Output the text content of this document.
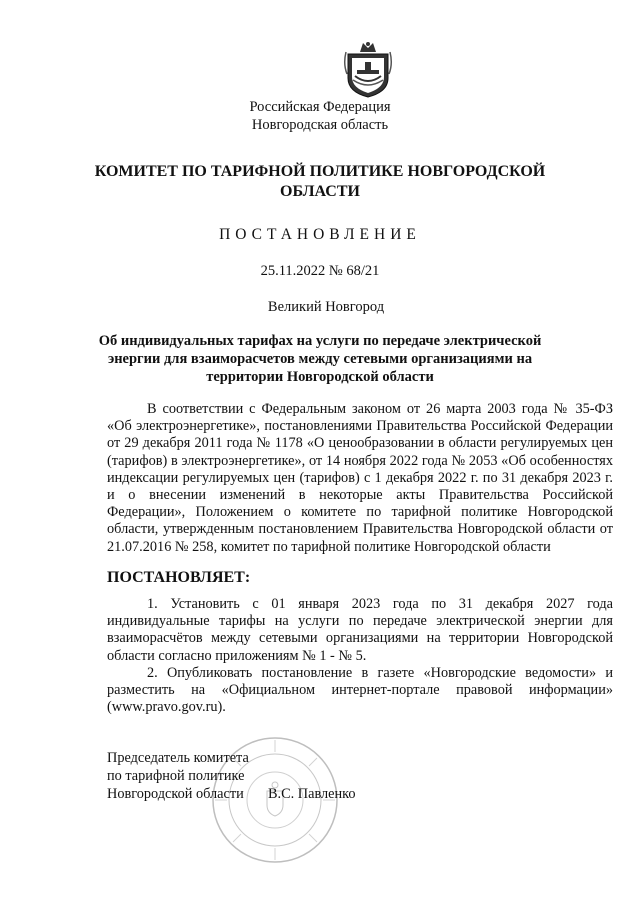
Российская Федерация
Новгородская область
КОМИТЕТ ПО ТАРИФНОЙ ПОЛИТИКЕ НОВГОРОДСКОЙ
ОБЛАСТИ
ПОСТАНОВЛЕНИЕ
25.11.2022 № 68/21
Великий Новгород
Об индивидуальных тарифах на услуги по передаче электрической
энергии для взаиморасчетов между сетевыми организациями на
территории Новгородской области

В соответствии с Федеральным законом от 26 марта 2003 года № 35-ФЗ «Об электроэнергетике», постановлениями Правительства Российской Федерации от 29 декабря 2011 года № 1178 «О ценообразовании в области регулируемых цен (тарифов) в электроэнергетике», от 14 ноября 2022 года № 2053 «Об особенностях индексации регулируемых цен (тарифов) с 1 декабря 2022 г. по 31 декабря 2023 г. и о внесении изменений в некоторые акты Правительства Российской Федерации», Положением о комитете по тарифной политике Новгородской области, утвержденным постановлением Правительства Новгородской области от 21.07.2016 № 258, комитет по тарифной политике Новгородской области

ПОСТАНОВЛЯЕТ:

1. Установить с 01 января 2023 года по 31 декабря 2027 года индивидуальные тарифы на услуги по передаче электрической энергии для взаиморасчётов между сетевыми организациями на территории Новгородской области согласно приложениям № 1 - № 5.

2. Опубликовать постановление в газете «Новгородские ведомости» и разместить на «Официальном интернет-портале правовой информации» (www.pravo.gov.ru).

Председатель комитета
по тарифной политике
Новгородской области В.С. Павленко
